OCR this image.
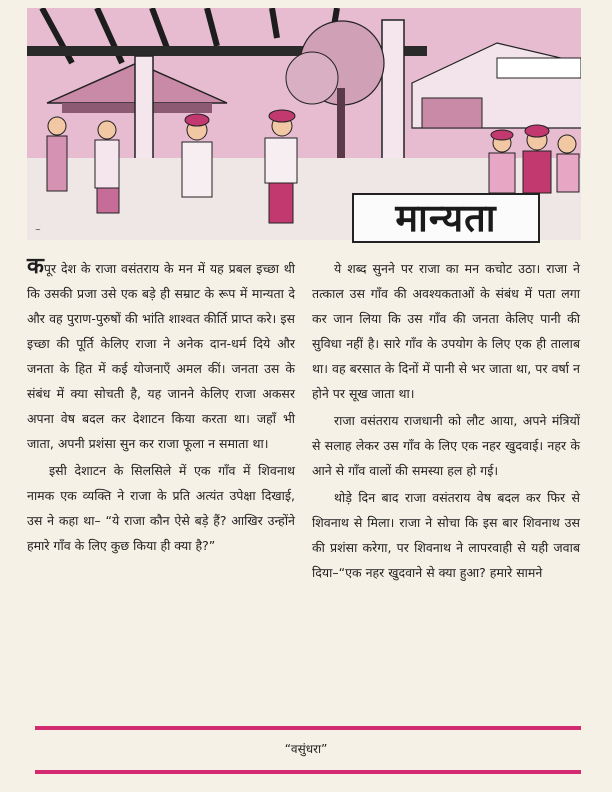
~	मान्यता

कपूर देश के राजा वसंतराय के मन में यह प्रबल इच्छा थी कि उसकी प्रजा उसे एक बड़े ही सम्राट के रूप में मान्यता दे और वह पुराण-पुरुषों की भांति शाश्वत कीर्ति प्राप्त करे। इस इच्छा की पूर्ति केलिए राजा ने अनेक दान-धर्म दिये और जनता के हित में कई योजनाएँ अमल कीं। जनता उस के संबंध में क्या सोचती है, यह जानने केलिए राजा अकसर अपना वेष बदल कर देशाटन किया करता था। जहाँ भी जाता, अपनी प्रशंसा सुन कर राजा फूला न समाता था।

इसी देशाटन के सिलसिले में एक गाँव में शिवनाथ नामक एक व्यक्ति ने राजा के प्रति अत्यंत उपेक्षा दिखाई, उस ने कहा था– “ये राजा कौन ऐसे बड़े हैं? आखिर उन्होंने हमारे गाँव के लिए कुछ किया ही क्या है?”

ये शब्द सुनने पर राजा का मन कचोट उठा। राजा ने तत्काल उस गाँव की अवश्यकताओं के संबंध में पता लगा कर जान लिया कि उस गाँव की जनता केलिए पानी की सुविधा नहीं है। सारे गाँव के उपयोग के लिए एक ही तालाब था। वह बरसात के दिनों में पानी से भर जाता था, पर वर्षा न होने पर सूख जाता था।

राजा वसंतराय राजधानी को लौट आया, अपने मंत्रियों से सलाह लेकर उस गाँव के लिए एक नहर खुदवाई। नहर के आने से गाँव वालों की समस्या हल हो गई।

थोड़े दिन बाद राजा वसंतराय वेष बदल कर फिर से शिवनाथ से मिला। राजा ने सोचा कि इस बार शिवनाथ उस की प्रशंसा करेगा, पर शिवनाथ ने लापरवाही से यही जवाब दिया–“एक नहर खुदवाने से क्या हुआ? हमारे सामने

“वसुंधरा”
